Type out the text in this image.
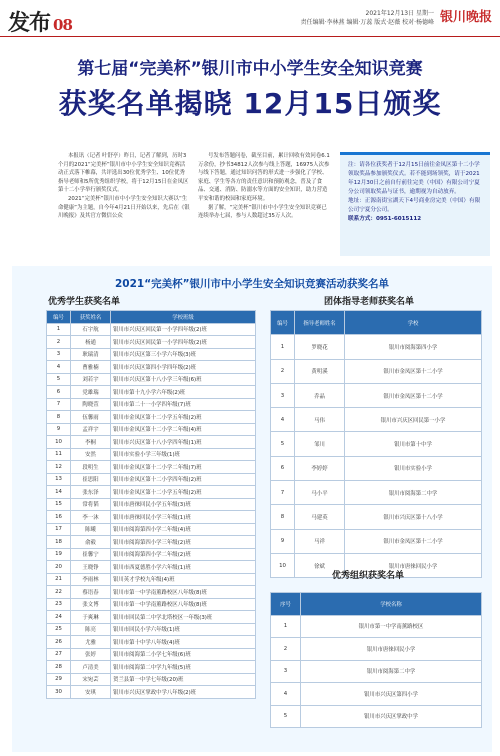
发布 08
2021年12月13日 星期一
责任编辑·李林燕 编辑·万蕊 版式·赵薇 校对·杨德峰 银川晚报
第七届“完美杯”银川市中小学生安全知识竞赛
获奖名单揭晓 12月15日颁奖

本报讯（记者 叶舒亭）昨日，记者了解到，历时3个月的2021“完美杯”银川市中小学生安全知识竞赛活动正式落下帷幕，共评选出30位优秀学生、10位优秀指导老师和5所优秀组织学校，将于12月15日在金凤区第十二小学举行颁奖仪式。

2021“完美杯”银川市中小学生安全知识大赛以“生命健康”为主题，自今年4月21日开始以来，先后在《银川晚报》及其官方微信公众

号发布答题问卷，截至目前，累计回收有效问卷6.1万余份，抄书34812人次参与线上答题，16975人次参与线下答题，通过知识问答的形式进一步强化了学校、家庭、学生等各方的责任意识和预防观念，普及了食品、交通、消防、防溺水等方面的安全知识，助力营造平安和谐的校园和家庭环境。

据了解，“完美杯”银川市中小学生安全知识竞赛已连续举办七届，参与人数超过35万人次。

注：请各位获奖者于12月15日前往金凤区第十二小学领取奖品参加颁奖仪式。若不能到场领奖，请于2021年12月30日之前自行前往完美（中国）有限公司宁夏分公司领取奖品与证书，逾期视为自动放弃。

地址：正源南街宝湖天下4号商业房完美（中国）有限公司宁夏分公司。

联系方式：0951-6015112

2021“完美杯”银川市中小学生安全知识竞赛活动获奖名单
优秀学生获奖名单
编号	获奖姓名	学校班级
1	石宇航	银川市兴庆区回民第一小学四年级(2)班
2	杨通	银川市兴庆区回民第一小学四年级(2)班
3	耿瑞清	银川市兴庆区第三小学六年级(3)班
4	曹雅楠	银川市兴庆区第四小学四年级(2)班
5	刘若宇	银川市兴庆区第十八小学三年级(6)班
6	党雄瑞	银川市第十九小学六年级(2)班
7	陶晓萱	银川市第二十一小学四年级(7)班
8	伍馨雨	银川市金凤区第十二小学五年级(2)班
9	孟祥宇	银川市金凤区第十二小学二年级(4)班
10	李桐	银川市兴庆区第十八小学四年级(1)班
11	安然	银川市实验小学三年级(1)班
12	段明生	银川市金凤区第十二小学二年级(7)班
13	崔思阳	银川市金凤区第十二小学四年级(2)班
14	张东泽	银川市金凤区第十二小学五年级(2)班
15	常将韬	银川市唐徕回民小学五年级(3)班
16	李一沐	银川市唐徕回民小学三年级(1)班
17	陈曦	银川市阅海第四小学二年级(4)班
18	俞毅	银川市阅海第四小学三年级(2)班
19	崔馨宁	银川市阅海第四小学二年级(2)班
20	王晓铮	银川市西夏德胜小学六年级(1)班
21	李雨林	银川英才学校九年级(4)班
22	蔡语春	银川市第一中学南薰路校区八年级(8)班
23	张文博	银川市第一中学南薰路校区八年级(8)班
24	于爽琳	银川市回民第二中学北塔校区一年级(3)班
25	陈亮	银川市回民小学六年级(1)班
26	尤雅	银川市第十中学八年级(4)班
27	张婷	银川市阅海第二小学七年级(6)班
28	卢清美	银川市阅海第二中学九年级(5)班
29	宋宛芸	贺兰县第一中学七年级(20)班
30	安琪	银川市兴庆区掌政中学八年级(2)班
团体指导老师获奖名单
编号	指导老师姓名	学校
1	罗晓花	银川市阅海第四小学
2	黄明溪	银川市金凤区第十二小学
3	乔晶	银川市金凤区第十二小学
4	马伟	银川市兴庆区回民第一小学
5	邹川	银川市第十中学
6	李婷婷	银川市实验小学
7	马小平	银川市阅海第二中学
8	马建英	银川市兴庆区第十八小学
9	马祥	银川市金凤区第十二小学
10	徐斌	银川市唐徕回民小学
优秀组织获奖名单
序号	学校名称
1	银川市第一中学南薰路校区
2	银川市唐徕回民小学
3	银川市阅海第二中学
4	银川市兴庆区第四小学
5	银川市兴庆区掌政中学
